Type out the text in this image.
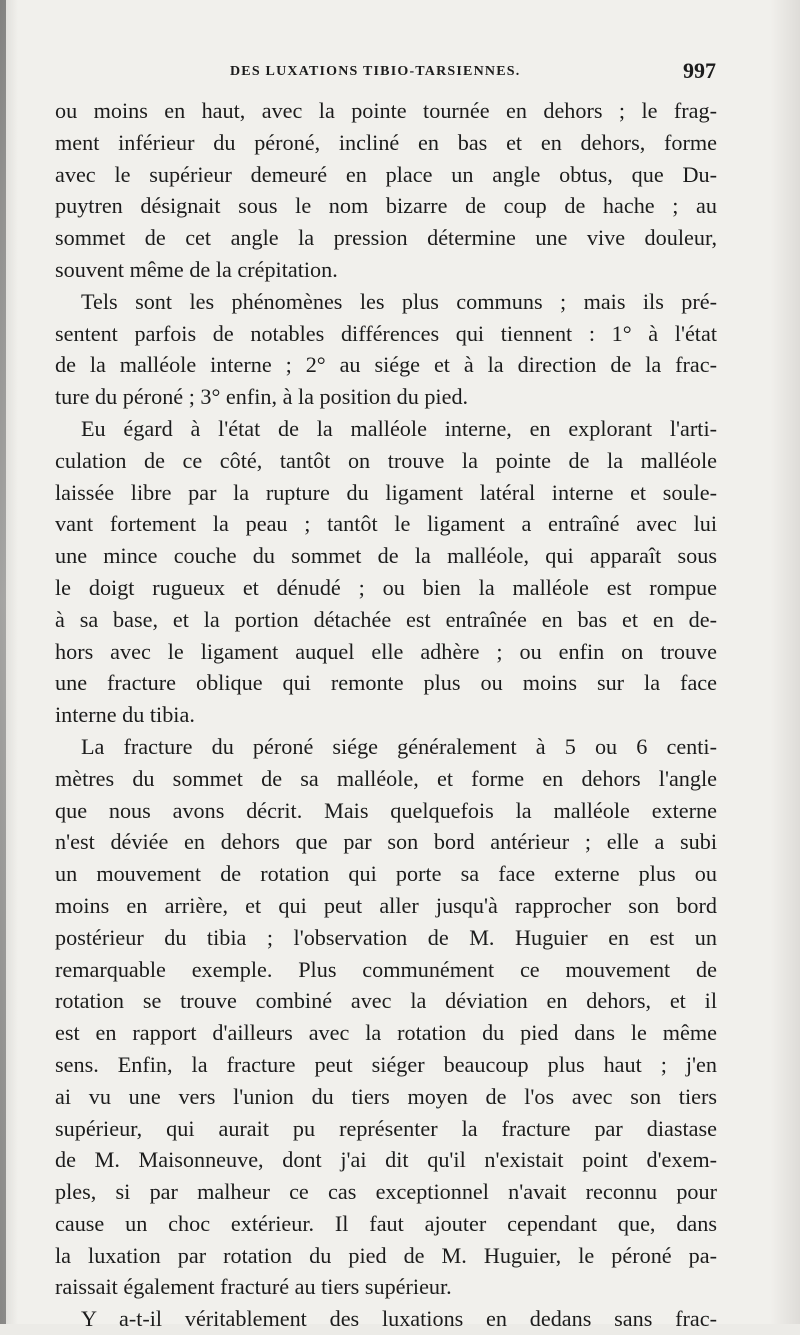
DES LUXATIONS TIBIO-TARSIENNES.	997
ou moins en haut, avec la pointe tournée en dehors ; le frag-
ment inférieur du péroné, incliné en bas et en dehors, forme
avec le supérieur demeuré en place un angle obtus, que Du-
puytren désignait sous le nom bizarre de coup de hache ; au
sommet de cet angle la pression détermine une vive douleur,
souvent même de la crépitation.
Tels sont les phénomènes les plus communs ; mais ils pré-
sentent parfois de notables différences qui tiennent : 1° à l'état
de la malléole interne ; 2° au siége et à la direction de la frac-
ture du péroné ; 3° enfin, à la position du pied.
Eu égard à l'état de la malléole interne, en explorant l'arti-
culation de ce côté, tantôt on trouve la pointe de la malléole
laissée libre par la rupture du ligament latéral interne et soule-
vant fortement la peau ; tantôt le ligament a entraîné avec lui
une mince couche du sommet de la malléole, qui apparaît sous
le doigt rugueux et dénudé ; ou bien la malléole est rompue
à sa base, et la portion détachée est entraînée en bas et en de-
hors avec le ligament auquel elle adhère ; ou enfin on trouve
une fracture oblique qui remonte plus ou moins sur la face
interne du tibia.
La fracture du péroné siége généralement à 5 ou 6 centi-
mètres du sommet de sa malléole, et forme en dehors l'angle
que nous avons décrit. Mais quelquefois la malléole externe
n'est déviée en dehors que par son bord antérieur ; elle a subi
un mouvement de rotation qui porte sa face externe plus ou
moins en arrière, et qui peut aller jusqu'à rapprocher son bord
postérieur du tibia ; l'observation de M. Huguier en est un
remarquable exemple. Plus communément ce mouvement de
rotation se trouve combiné avec la déviation en dehors, et il
est en rapport d'ailleurs avec la rotation du pied dans le même
sens. Enfin, la fracture peut siéger beaucoup plus haut ; j'en
ai vu une vers l'union du tiers moyen de l'os avec son tiers
supérieur, qui aurait pu représenter la fracture par diastase
de M. Maisonneuve, dont j'ai dit qu'il n'existait point d'exem-
ples, si par malheur ce cas exceptionnel n'avait reconnu pour
cause un choc extérieur. Il faut ajouter cependant que, dans
la luxation par rotation du pied de M. Huguier, le péroné pa-
raissait également fracturé au tiers supérieur.
Y a-t-il véritablement des luxations en dedans sans frac-
